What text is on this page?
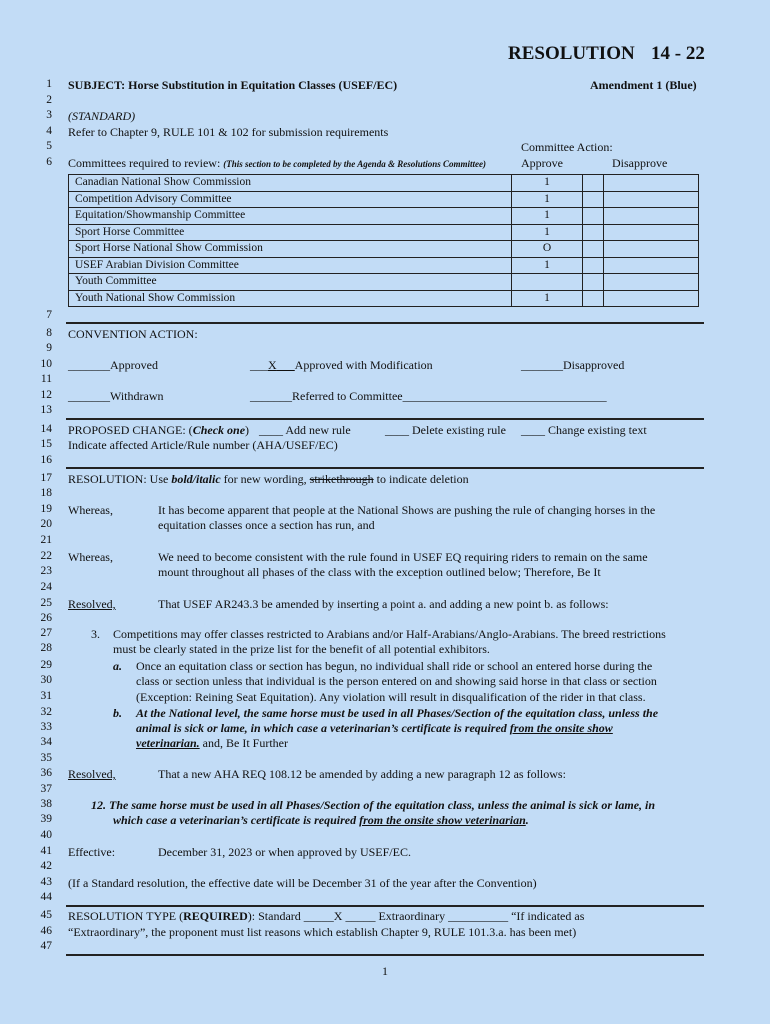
RESOLUTION 14 - 22
1
2
3
4
5
6
7
8
9
10
11
12
13
14
15
16
17
18
19
20
21
22
23
24
25
26
27
28
29
30
31
32
33
34
35
36
37
38
39
40
41
42
43
44
45
46
47
SUBJECT: Horse Substitution in Equitation Classes (USEF/EC)	Amendment 1 (Blue)
(STANDARD)
Refer to Chapter 9, RULE 101 & 102 for submission requirements
Committee Action:
Committees required to review: (This section to be completed by the Agenda & Resolutions Committee)	Approve	Disapprove
Canadian National Show Commission	1		
Competition Advisory Committee	1		
Equitation/Showmanship Committee	1		
Sport Horse Committee	1		
Sport Horse National Show Commission	O		
USEF Arabian Division Committee	1		
Youth Committee			
Youth National Show Commission	1		
CONVENTION ACTION:
_______Approved	___X___Approved with Modification	_______Disapproved
_______Withdrawn	_______Referred to Committee__________________________________
PROPOSED CHANGE: (Check one) ____ Add new rule	____ Delete existing rule ____ Change existing text
Indicate affected Article/Rule number (AHA/USEF/EC)
RESOLUTION: Use bold/italic for new wording, strikethrough to indicate deletion
Whereas,	It has become apparent that people at the National Shows are pushing the rule of changing horses in the
equitation classes once a section has run, and
Whereas,	We need to become consistent with the rule found in USEF EQ requiring riders to remain on the same
mount throughout all phases of the class with the exception outlined below; Therefore, Be It
Resolved,	That USEF AR243.3 be amended by inserting a point a. and adding a new point b. as follows:
3. Competitions may offer classes restricted to Arabians and/or Half-Arabians/Anglo-Arabians. The breed restrictions
must be clearly stated in the prize list for the benefit of all potential exhibitors.
a. Once an equitation class or section has begun, no individual shall ride or school an entered horse during the
class or section unless that individual is the person entered on and showing said horse in that class or section
(Exception: Reining Seat Equitation). Any violation will result in disqualification of the rider in that class.
b. At the National level, the same horse must be used in all Phases/Section of the equitation class, unless the
animal is sick or lame, in which case a veterinarian’s certificate is required from the onsite show
veterinarian. and, Be It Further
Resolved,	That a new AHA REQ 108.12 be amended by adding a new paragraph 12 as follows:
12. The same horse must be used in all Phases/Section of the equitation class, unless the animal is sick or lame, in
which case a veterinarian’s certificate is required from the onsite show veterinarian.
Effective:	December 31, 2023 or when approved by USEF/EC.
(If a Standard resolution, the effective date will be December 31 of the year after the Convention)
RESOLUTION TYPE (REQUIRED): Standard _____X _____ Extraordinary __________ “If indicated as
“Extraordinary”, the proponent must list reasons which establish Chapter 9, RULE 101.3.a. has been met)
1
